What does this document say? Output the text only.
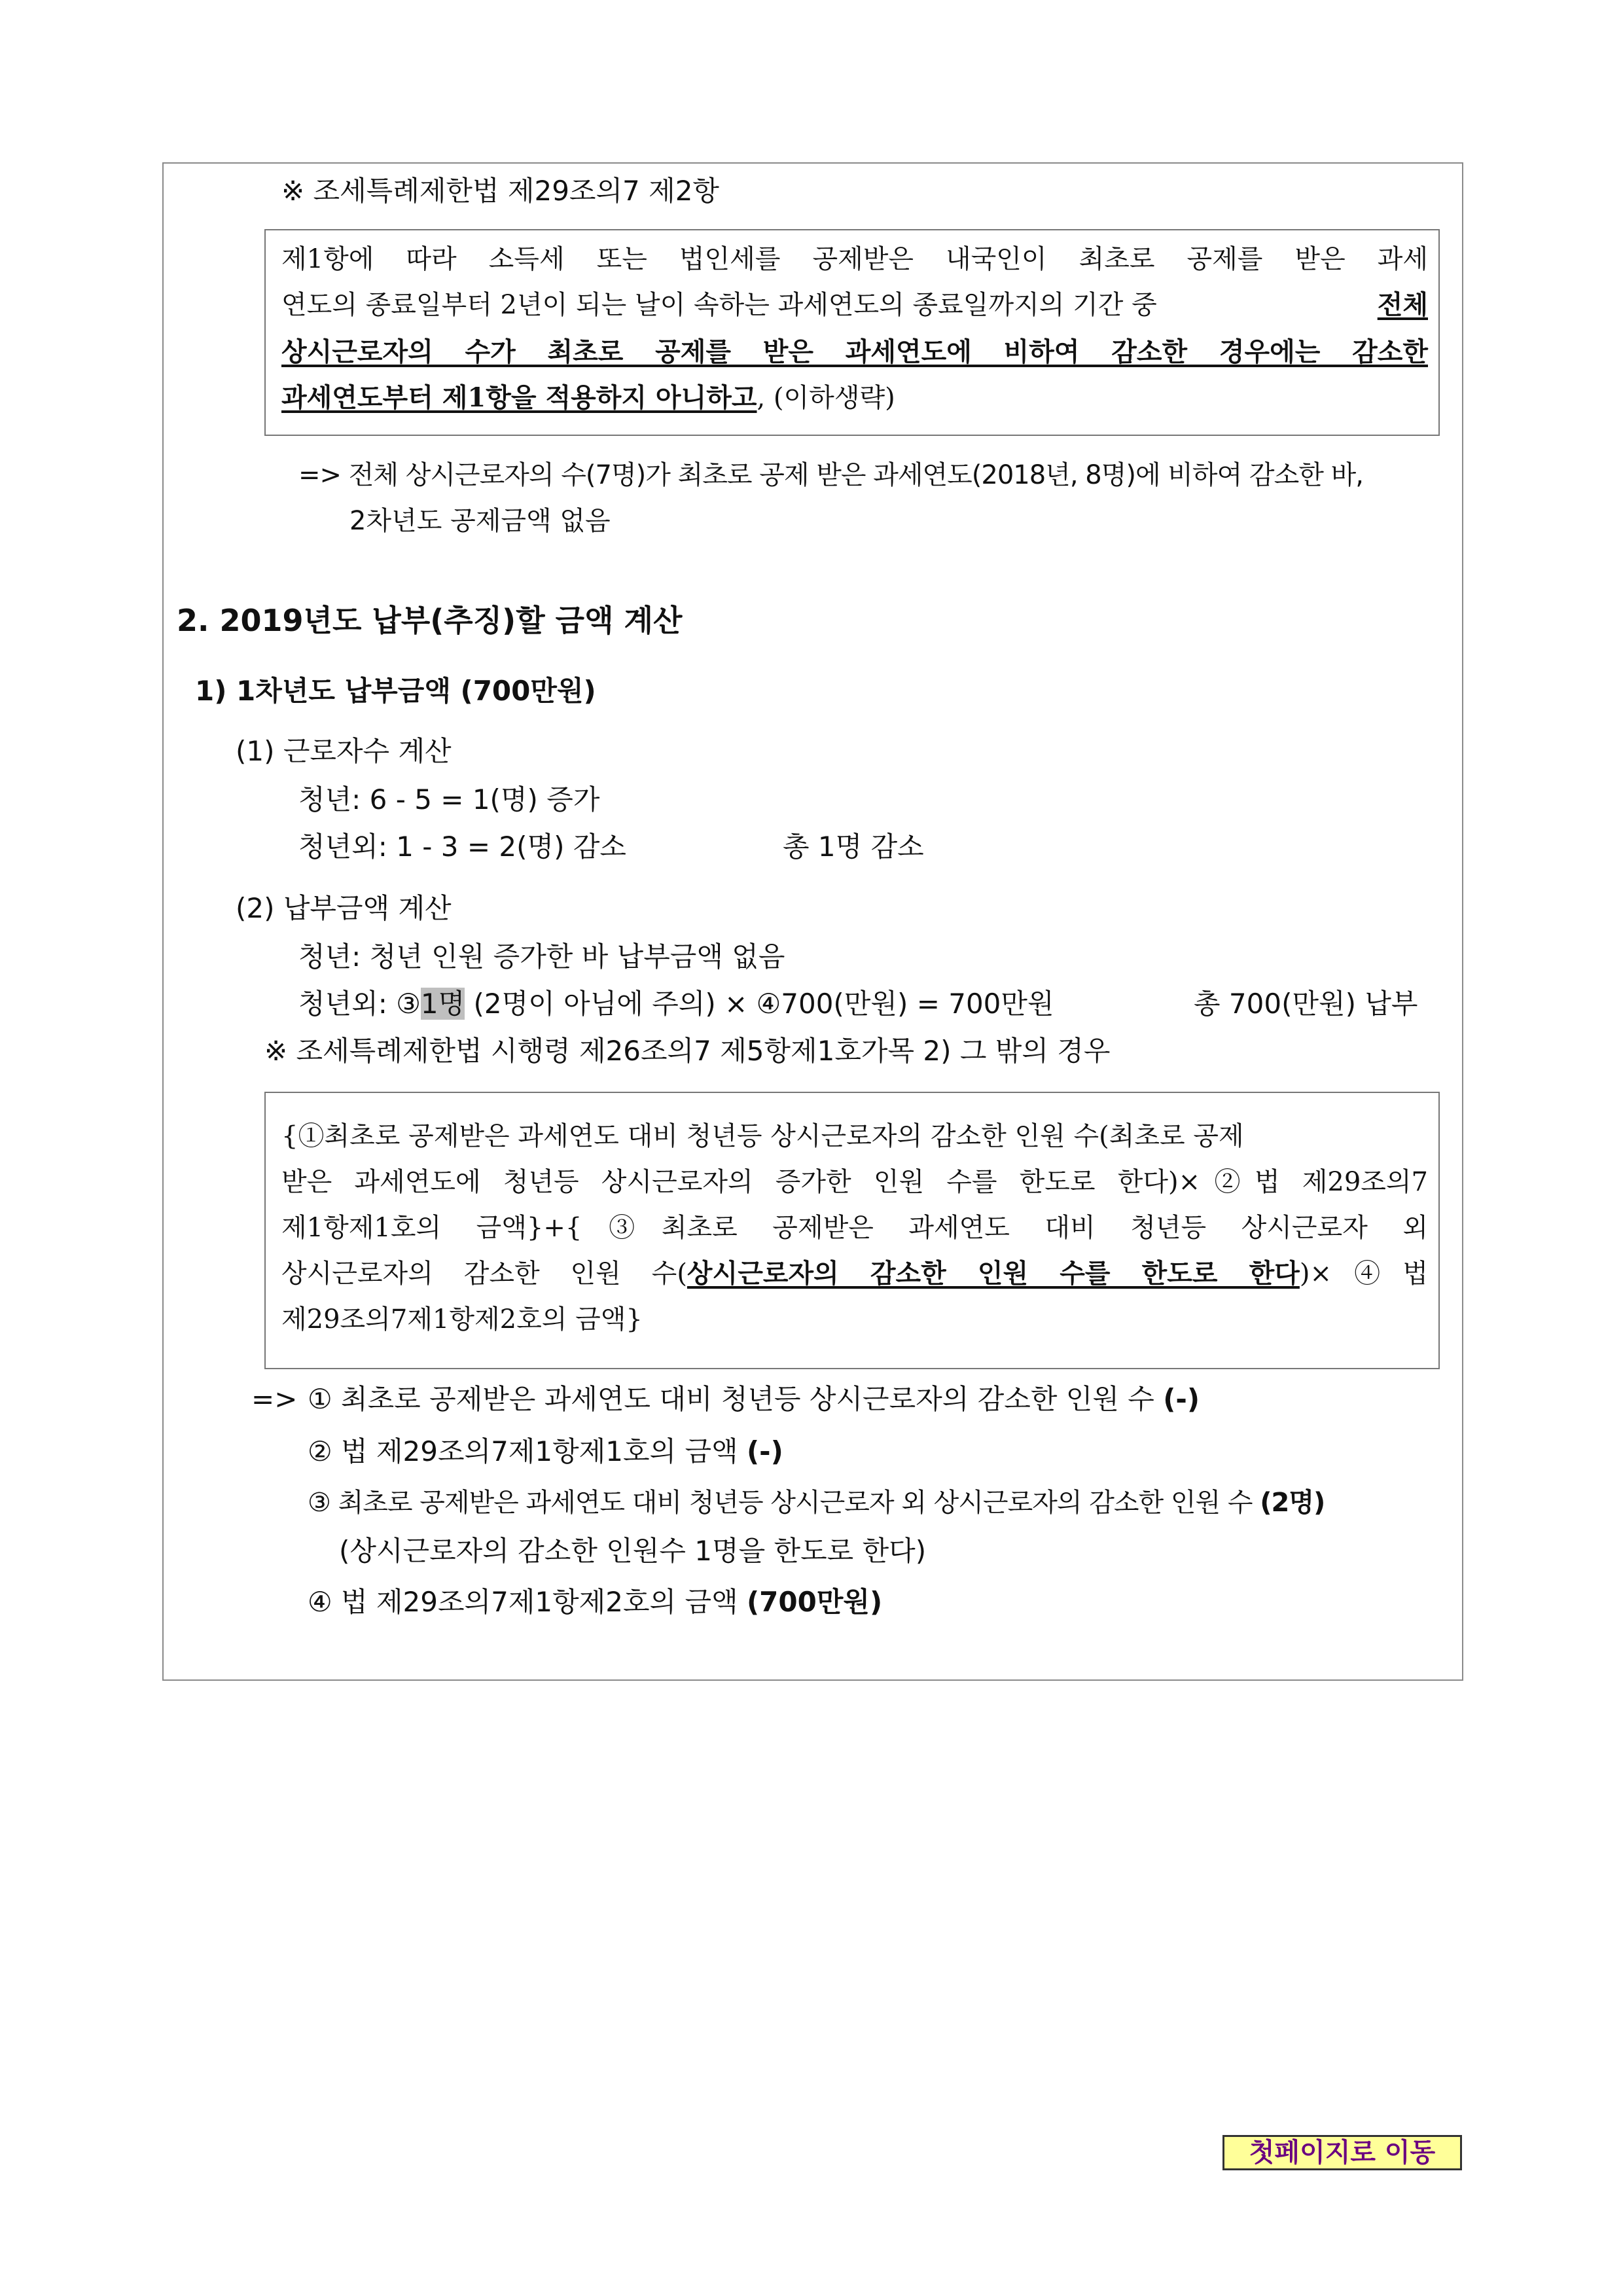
※ 조세특례제한법 제29조의7 제2항
제1항에 따라 소득세 또는 법인세를 공제받은 내국인이 최초로 공제를 받은 과세
연도의 종료일부터 2년이 되는 날이 속하는 과세연도의 종료일까지의 기간 중	전체
상시근로자의 수가 최초로 공제를 받은 과세연도에 비하여 감소한 경우에는 감소한
과세연도부터 제1항을 적용하지 아니하고, (이하생략)
=> 전체 상시근로자의 수(7명)가 최초로 공제 받은 과세연도(2018년, 8명)에 비하여 감소한 바,
2차년도 공제금액 없음
2. 2019년도 납부(추징)할 금액 계산
1) 1차년도 납부금액 (700만원)
(1) 근로자수 계산
청년: 6 - 5 = 1(명) 증가
청년외: 1 - 3 = 2(명) 감소	총 1명 감소
(2) 납부금액 계산
청년: 청년 인원 증가한 바 납부금액 없음
청년외: ③1명 (2명이 아님에 주의) × ④700(만원) = 700만원	총 700(만원) 납부
※ 조세특례제한법 시행령 제26조의7 제5항제1호가목 2) 그 밖의 경우
{①최초로 공제받은 과세연도 대비 청년등 상시근로자의 감소한 인원 수(최초로 공제
받은 과세연도에 청년등 상시근로자의 증가한 인원 수를 한도로 한다)×②법 제29조의7
제1항제1호의 금액}+{③최초로 공제받은 과세연도 대비 청년등 상시근로자 외
상시근로자의 감소한 인원 수(상시근로자의 감소한 인원 수를 한도로 한다)×④법
제29조의7제1항제2호의 금액}
=> ① 최초로 공제받은 과세연도 대비 청년등 상시근로자의 감소한 인원 수 (-)
② 법 제29조의7제1항제1호의 금액 (-)
③ 최초로 공제받은 과세연도 대비 청년등 상시근로자 외 상시근로자의 감소한 인원 수 (2명)
(상시근로자의 감소한 인원수 1명을 한도로 한다)
④ 법 제29조의7제1항제2호의 금액 (700만원)
첫페이지로 이동
